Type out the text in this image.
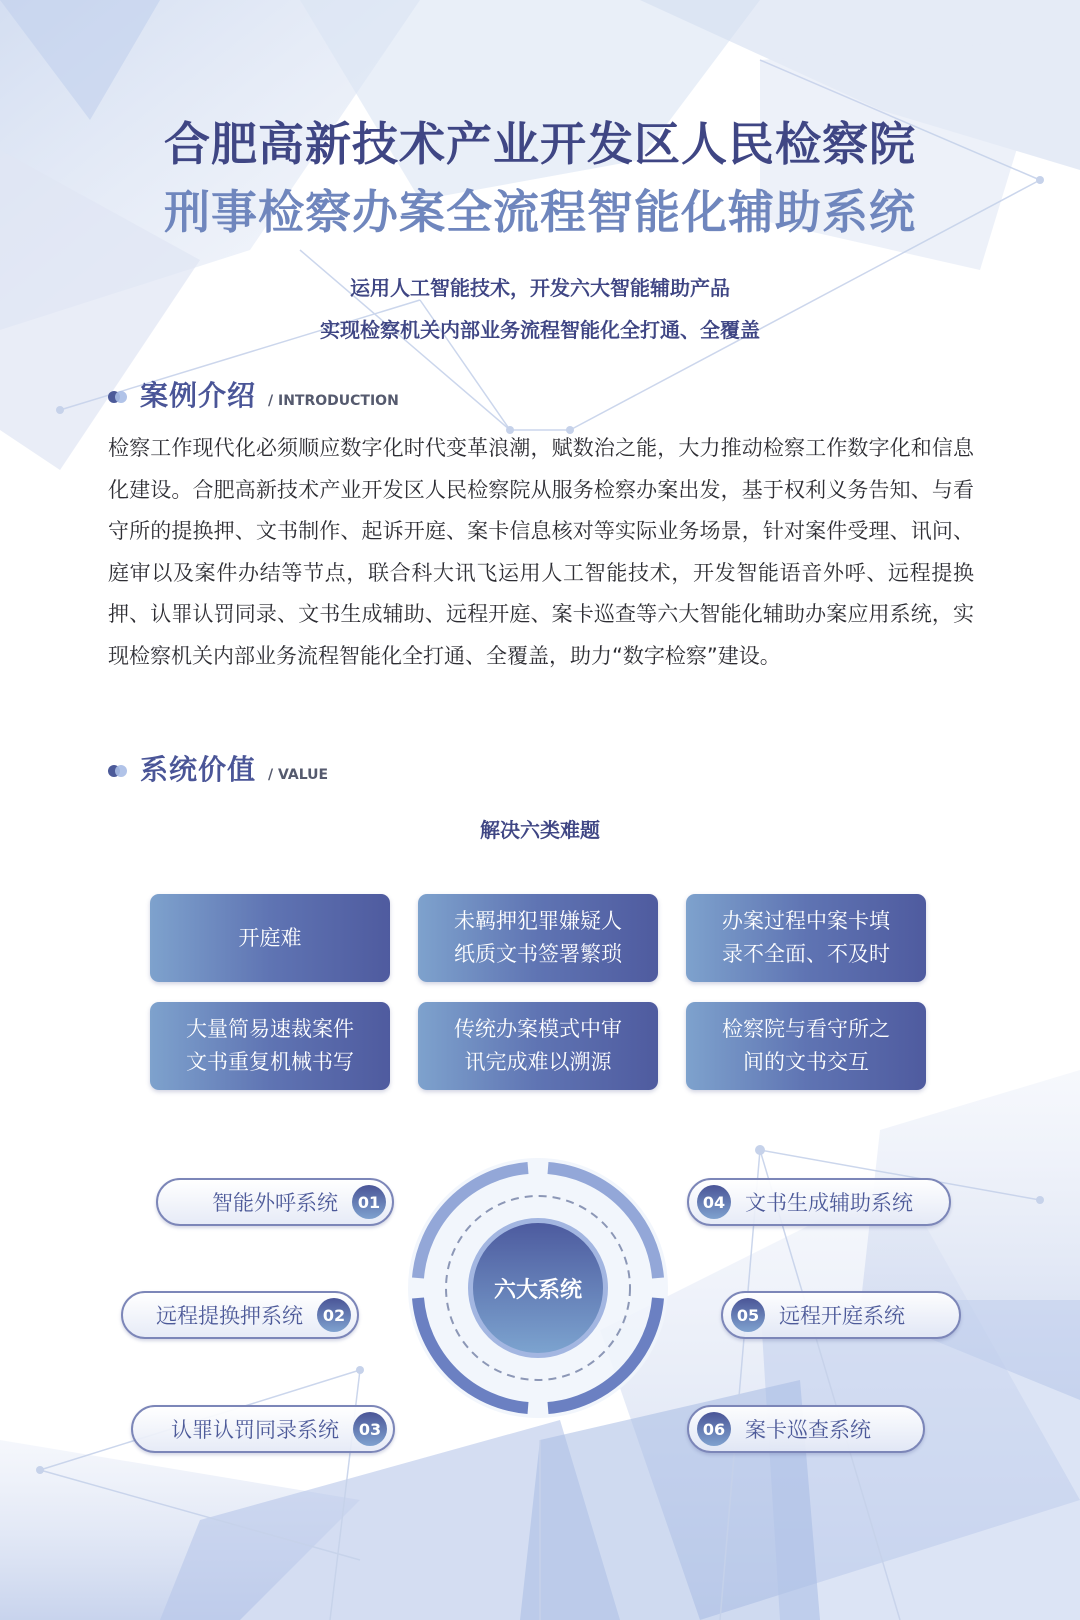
合肥高新技术产业开发区人民检察院
刑事检察办案全流程智能化辅助系统
运用人工智能技术，开发六大智能辅助产品
实现检察机关内部业务流程智能化全打通、全覆盖
案例介绍 / INTRODUCTION
检察工作现代化必须顺应数字化时代变革浪潮，赋数治之能，大力推动检察工作数字化和信息化建设。合肥高新技术产业开发区人民检察院从服务检察办案出发，基于权利义务告知、与看守所的提换押、文书制作、起诉开庭、案卡信息核对等实际业务场景，针对案件受理、讯问、庭审以及案件办结等节点，联合科大讯飞运用人工智能技术，开发智能语音外呼、远程提换押、认罪认罚同录、文书生成辅助、远程开庭、案卡巡查等六大智能化辅助办案应用系统，实现检察机关内部业务流程智能化全打通、全覆盖，助力“数字检察”建设。
系统价值 / VALUE
解决六类难题
开庭难
未羁押犯罪嫌疑人
纸质文书签署繁琐
办案过程中案卡填
录不全面、不及时
大量简易速裁案件
文书重复机械书写
传统办案模式中审
讯完成难以溯源
检察院与看守所之
间的文书交互
六大系统
智能外呼系统	01
远程提换押系统	02
认罪认罚同录系统	03
04 文书生成辅助系统
05 远程开庭系统
06 案卡巡查系统
